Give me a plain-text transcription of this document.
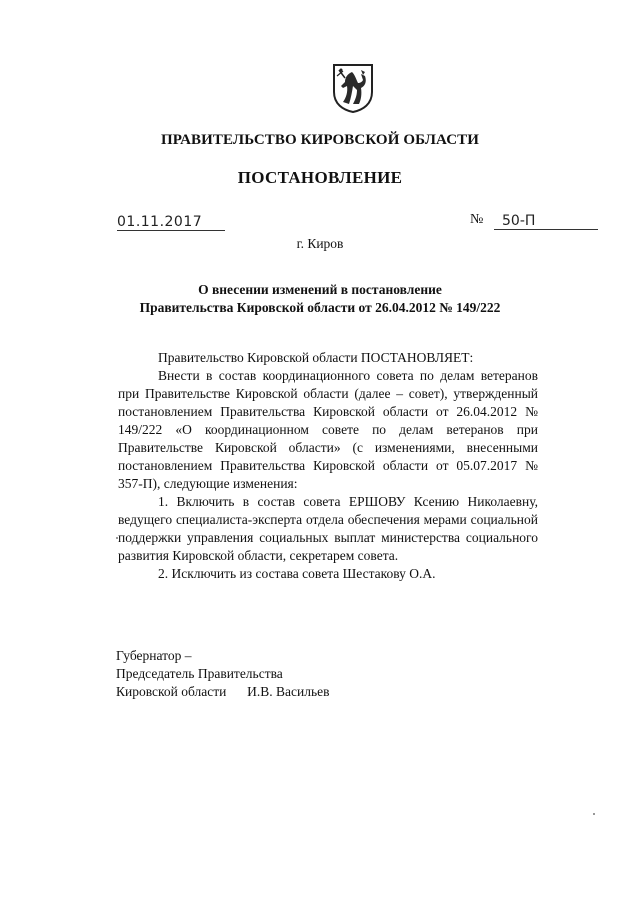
ПРАВИТЕЛЬСТВО КИРОВСКОЙ ОБЛАСТИ
ПОСТАНОВЛЕНИЕ
01.11.2017	№	50-П
г. Киров
О внесении изменений в постановление
Правительства Кировской области от 26.04.2012 № 149/222

Правительство Кировской области ПОСТАНОВЛЯЕТ:

Внести в состав координационного совета по делам ветеранов при Правительстве Кировской области (далее – совет), утвержденный постановлением Правительства Кировской области от 26.04.2012 № 149/222 «О координационном совете по делам ветеранов при Правительстве Кировской области» (с изменениями, внесенными постановлением Правительства Кировской области от 05.07.2017 № 357-П), следующие изменения:

1. Включить в состав совета ЕРШОВУ Ксению Николаевну, ведущего специалиста-эксперта отдела обеспечения мерами социальной поддержки управления социальных выплат министерства социального развития Кировской области, секретарем совета.

2. Исключить из состава совета Шестакову О.А.

Губернатор –
Председатель Правительства
Кировской области И.В. Васильев
